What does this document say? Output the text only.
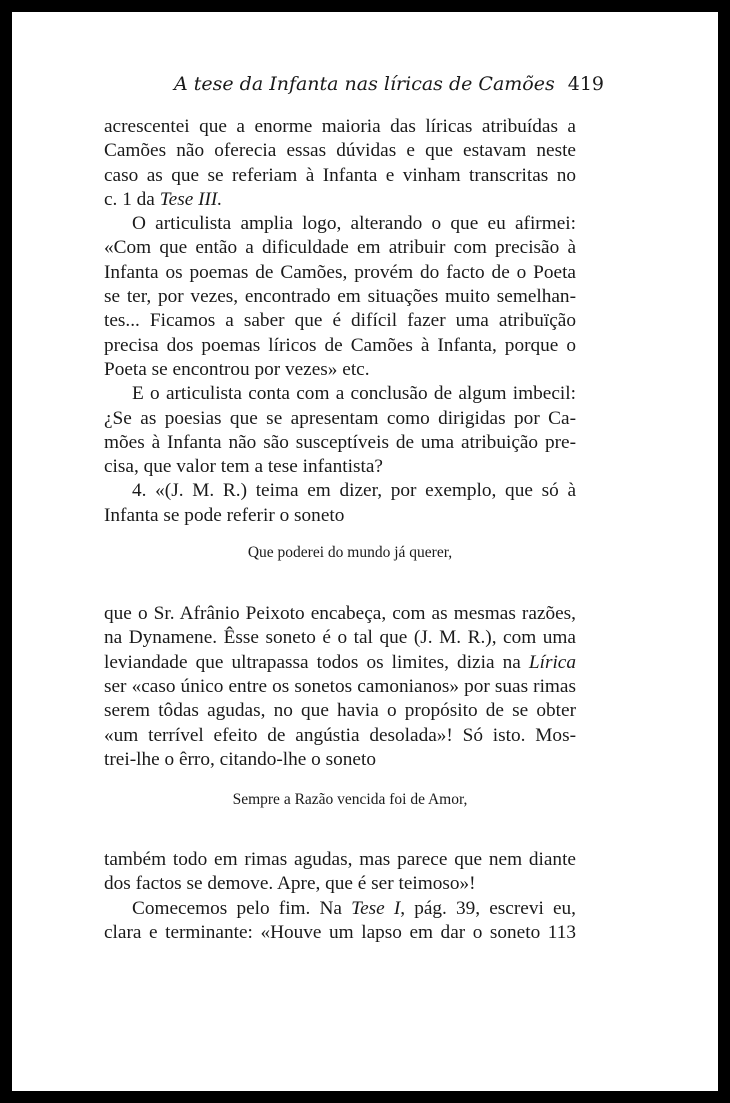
A tese da Infanta nas líricas de Camões 419
acrescentei que a enorme maioria das líricas atribuídas a
Camões não oferecia essas dúvidas e que estavam neste
caso as que se referiam à Infanta e vinham transcritas no
c. 1 da Tese III.
O articulista amplia logo, alterando o que eu afirmei:
«Com que então a dificuldade em atribuir com precisão à
Infanta os poemas de Camões, provém do facto de o Poeta
se ter, por vezes, encontrado em situações muito semelhan-
tes... Ficamos a saber que é difícil fazer uma atribuïção
precisa dos poemas líricos de Camões à Infanta, porque o
Poeta se encontrou por vezes» etc.
E o articulista conta com a conclusão de algum imbecil:
¿Se as poesias que se apresentam como dirigidas por Ca-
mões à Infanta não são susceptíveis de uma atribuição pre-
cisa, que valor tem a tese infantista?
4. «(J. M. R.) teima em dizer, por exemplo, que só à
Infanta se pode referir o soneto
Que poderei do mundo já querer,
que o Sr. Afrânio Peixoto encabeça, com as mesmas razões,
na Dynamene. Êsse soneto é o tal que (J. M. R.), com uma
leviandade que ultrapassa todos os limites, dizia na Lírica
ser «caso único entre os sonetos camonianos» por suas rimas
serem tôdas agudas, no que havia o propósito de se obter
«um terrível efeito de angústia desolada»! Só isto. Mos-
trei-lhe o êrro, citando-lhe o soneto
Sempre a Razão vencida foi de Amor,
também todo em rimas agudas, mas parece que nem diante
dos factos se demove. Apre, que é ser teimoso»!
Comecemos pelo fim. Na Tese I, pág. 39, escrevi eu,
clara e terminante: «Houve um lapso em dar o soneto 113
